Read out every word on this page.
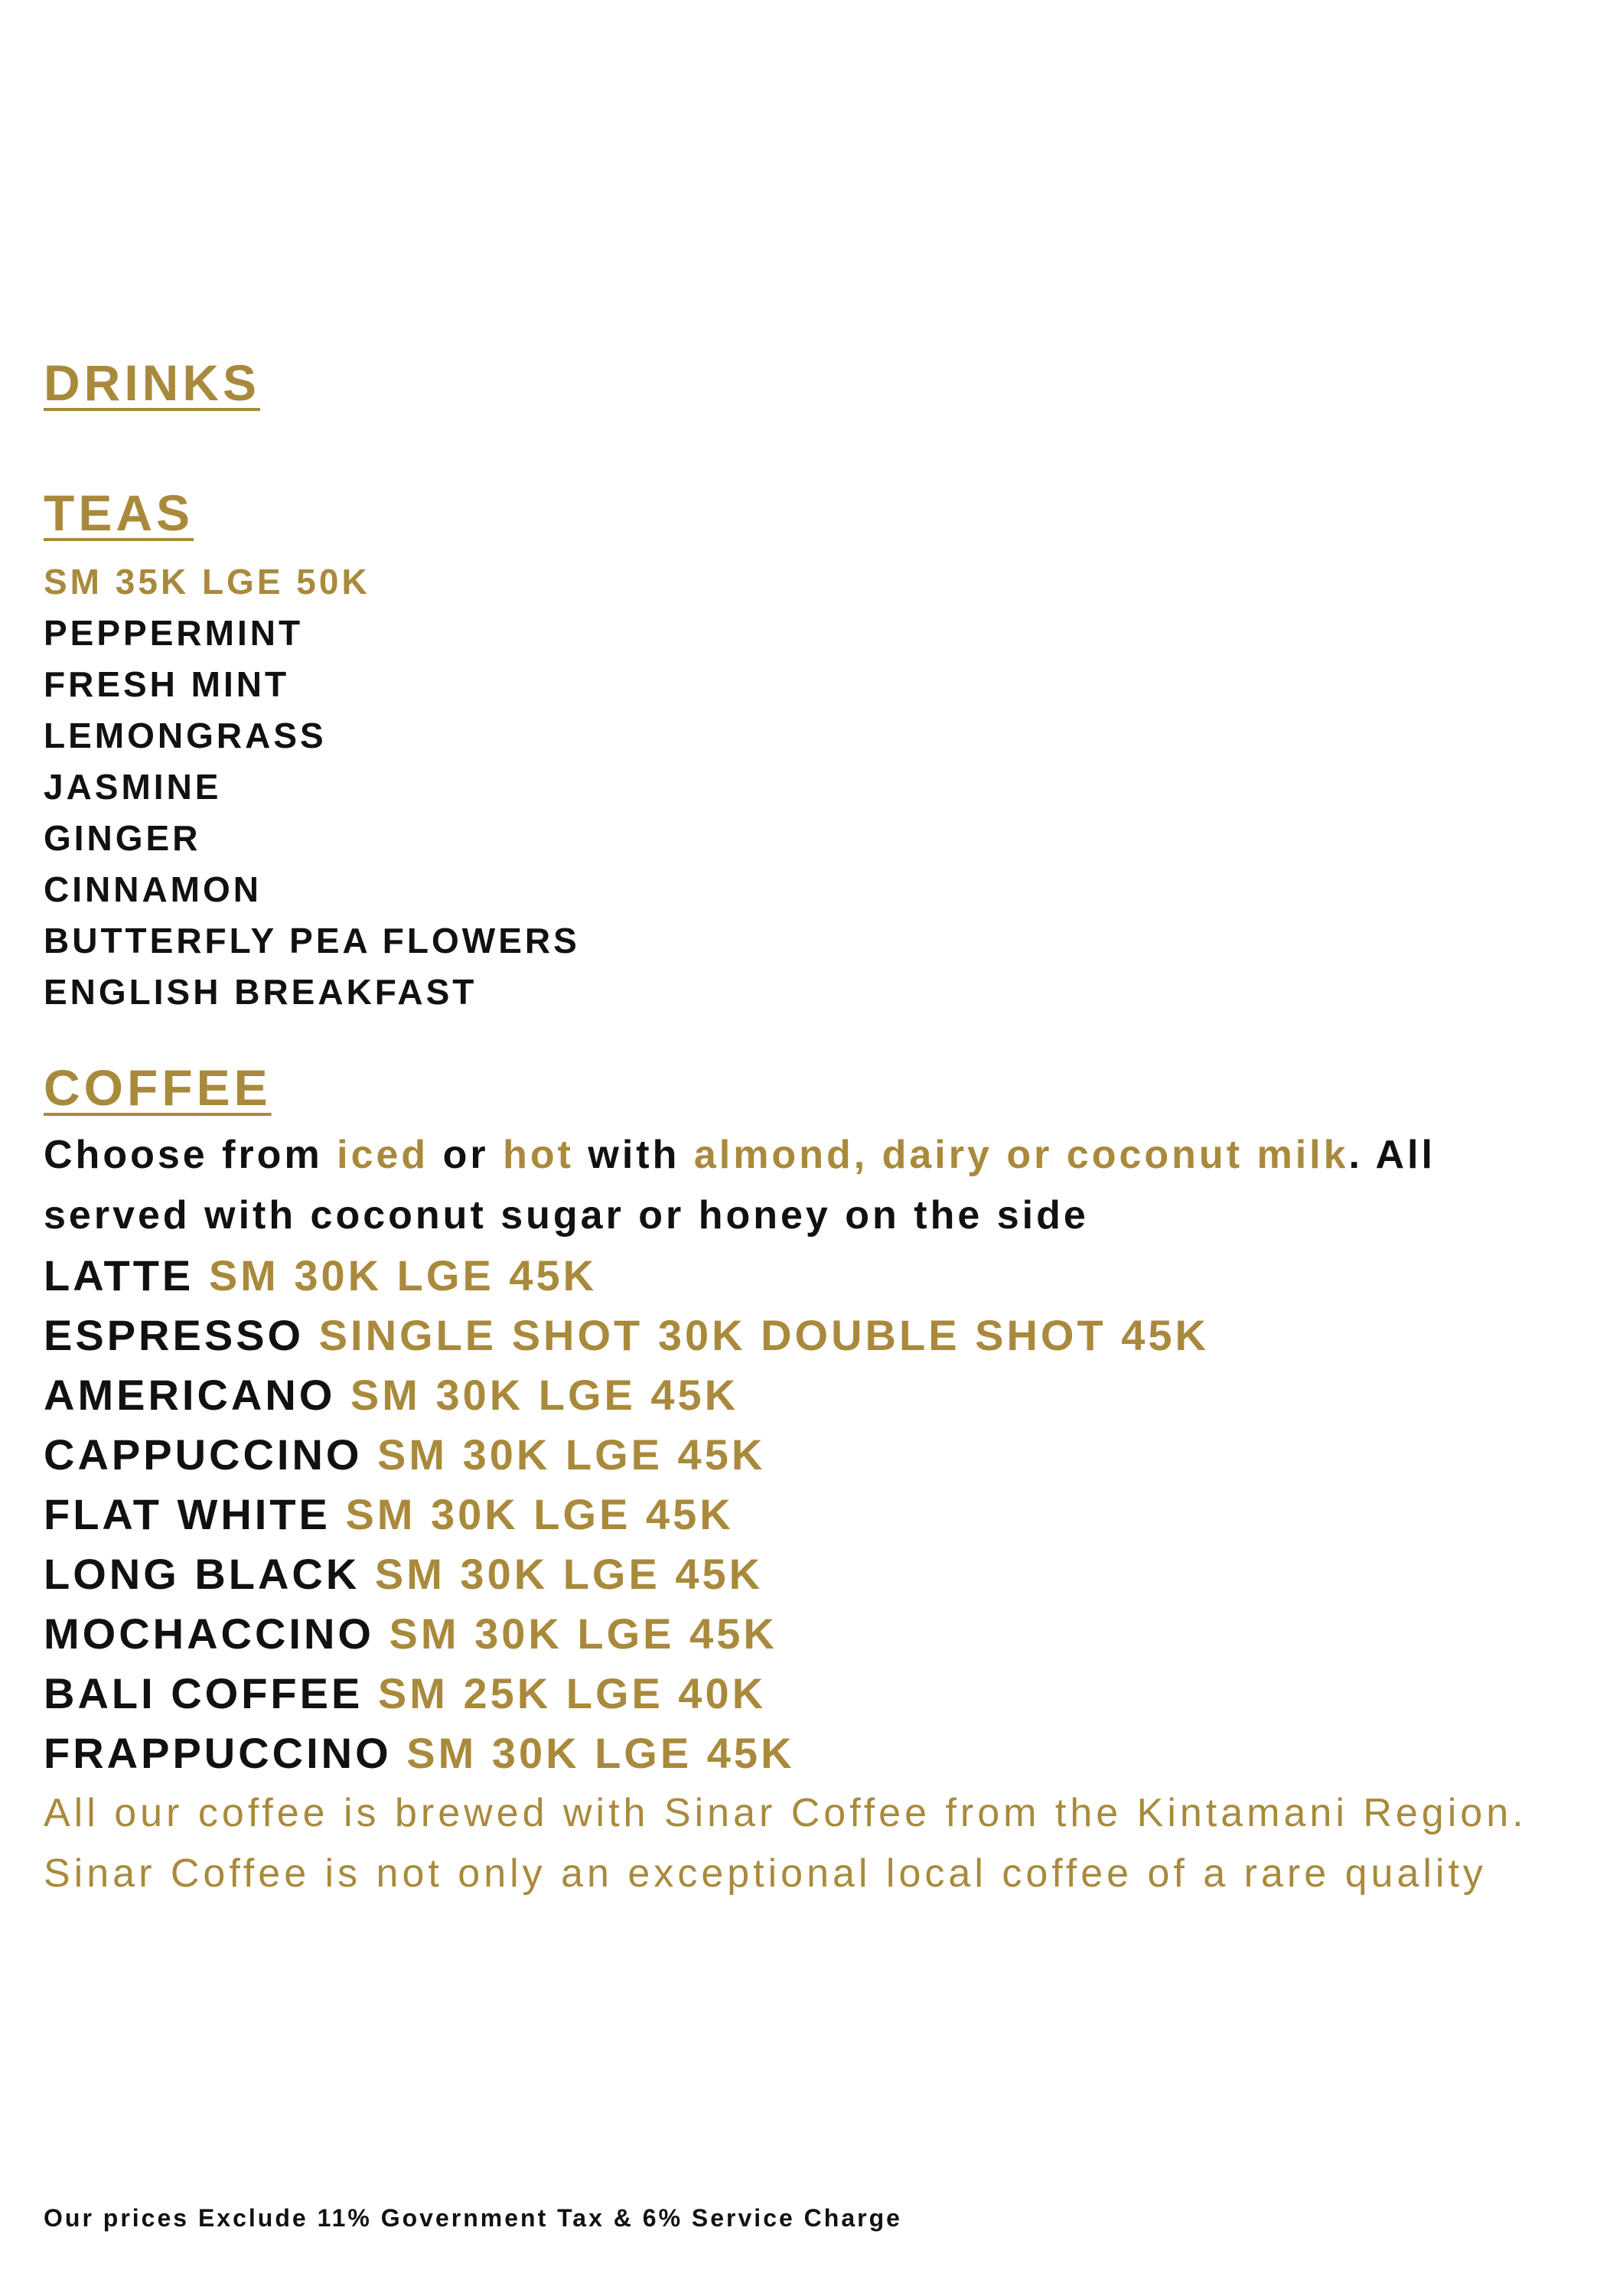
DRINKS
TEAS
SM 35K LGE 50K
PEPPERMINT
FRESH MINT
LEMONGRASS
JASMINE
GINGER
CINNAMON
BUTTERFLY PEA FLOWERS
ENGLISH BREAKFAST
COFFEE
Choose from iced or hot with almond, dairy or coconut milk. All
served with coconut sugar or honey on the side
LATTE SM 30K LGE 45K
ESPRESSO SINGLE SHOT 30K DOUBLE SHOT 45K
AMERICANO SM 30K LGE 45K
CAPPUCCINO SM 30K LGE 45K
FLAT WHITE SM 30K LGE 45K
LONG BLACK SM 30K LGE 45K
MOCHACCINO SM 30K LGE 45K
BALI COFFEE SM 25K LGE 40K
FRAPPUCCINO SM 30K LGE 45K
All our coffee is brewed with Sinar Coffee from the Kintamani Region.
Sinar Coffee is not only an exceptional local coffee of a rare quality
Our prices Exclude 11% Government Tax & 6% Service Charge
